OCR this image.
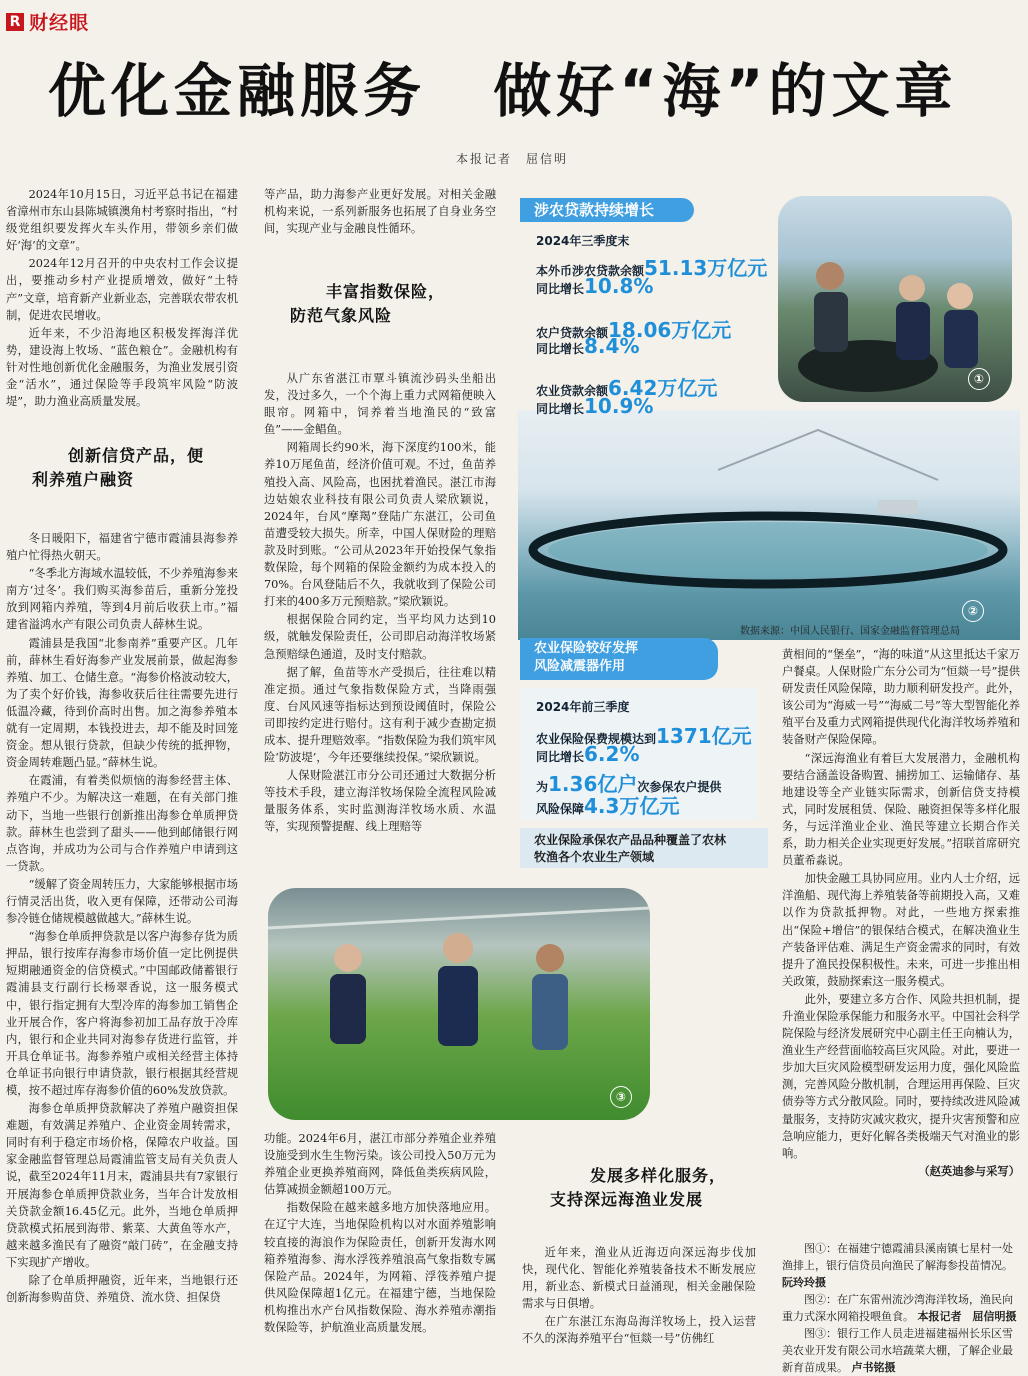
R 财经眼
优化金融服务 做好“海”的文章
本报记者　屈信明

2024年10月15日，习近平总书记在福建省漳州市东山县陈城镇澳角村考察时指出，“村级党组织要发挥火车头作用，带领乡亲们做好‘海’的文章”。

2024年12月召开的中央农村工作会议提出，要推动乡村产业提质增效，做好“土特产”文章，培育新产业新业态，完善联农带农机制，促进农民增收。

近年来，不少沿海地区积极发挥海洋优势，建设海上牧场、“蓝色粮仓”。金融机构有针对性地创新优化金融服务，为渔业发展引资金“活水”，通过保险等手段筑牢风险“防波堤”，助力渔业高质量发展。

创新信贷产品，便
利养殖户融资

冬日暖阳下，福建省宁德市霞浦县海参养殖户忙得热火朝天。

“冬季北方海域水温较低，不少养殖海参来南方‘过冬’。我们购买海参苗后，重新分笼投放到网箱内养殖，等到4月前后收获上市。”福建省溢鸿水产有限公司负责人薛林生说。

霞浦县是我国“北参南养”重要产区。几年前，薛林生看好海参产业发展前景，做起海参养殖、加工、仓储生意。“海参价格波动较大，为了卖个好价钱，海参收获后往往需要先进行低温冷藏，待到价高时出售。加之海参养殖本就有一定周期，本钱投进去，却不能及时回笼资金。想从银行贷款，但缺少传统的抵押物，资金周转难题凸显。”薛林生说。

在霞浦，有着类似烦恼的海参经营主体、养殖户不少。为解决这一难题，在有关部门推动下，当地一些银行创新推出海参仓单质押贷款。薛林生也尝到了甜头——他到邮储银行网点咨询，并成功为公司与合作养殖户申请到这一贷款。

“缓解了资金周转压力，大家能够根据市场行情灵活出货，收入更有保障，还带动公司海参冷链仓储规模越做越大。”薛林生说。

“海参仓单质押贷款是以客户海参存货为质押品，银行按库存海参市场价值一定比例提供短期融通资金的信贷模式。”中国邮政储蓄银行霞浦县支行副行长杨翠香说，这一服务模式中，银行指定拥有大型冷库的海参加工销售企业开展合作，客户将海参初加工品存放于冷库内，银行和企业共同对海参存货进行监管，并开具仓单证书。海参养殖户或相关经营主体持仓单证书向银行申请贷款，银行根据其经营规模，按不超过库存海参价值的60%发放贷款。

海参仓单质押贷款解决了养殖户融资担保难题，有效满足养殖户、企业资金周转需求，同时有利于稳定市场价格，保障农户收益。国家金融监督管理总局霞浦监管支局有关负责人说，截至2024年11月末，霞浦县共有7家银行开展海参仓单质押贷款业务，当年合计发放相关贷款金额16.45亿元。此外，当地仓单质押贷款模式拓展到海带、紫菜、大黄鱼等水产，越来越多渔民有了融资“敲门砖”，在金融支持下实现扩产增收。

除了仓单质押融资，近年来，当地银行还创新海参购苗贷、养殖贷、流水贷、担保贷

等产品，助力海参产业更好发展。对相关金融机构来说，一系列新服务也拓展了自身业务空间，实现产业与金融良性循环。

丰富指数保险，
防范气象风险

从广东省湛江市覃斗镇流沙码头坐船出发，没过多久，一个个海上重力式网箱便映入眼帘。网箱中，饲养着当地渔民的“致富鱼”——金鲳鱼。

网箱周长约90米，海下深度约100米，能养10万尾鱼苗，经济价值可观。不过，鱼苗养殖投入高、风险高，也困扰着渔民。湛江市海边姑娘农业科技有限公司负责人梁欣颖说，2024年，台风“摩羯”登陆广东湛江，公司鱼苗遭受较大损失。所幸，中国人保财险的理赔款及时到账。“公司从2023年开始投保气象指数保险，每个网箱的保险金额约为成本投入的70%。台风登陆后不久，我就收到了保险公司打来的400多万元预赔款。”梁欣颖说。

根据保险合同约定，当平均风力达到10级，就触发保险责任，公司即启动海洋牧场紧急预赔绿色通道，及时支付赔款。

据了解，鱼苗等水产受损后，往往难以精准定损。通过气象指数保险方式，当降雨强度、台风风速等指标达到预设阈值时，保险公司即按约定进行赔付。这有利于减少查勘定损成本、提升理赔效率。“指数保险为我们筑牢风险‘防波堤’，今年还要继续投保。”梁欣颖说。

人保财险湛江市分公司还通过大数据分析等技术手段，建立海洋牧场保险全流程风险减量服务体系，实时监测海洋牧场水质、水温等，实现预警提醒、线上理赔等

功能。2024年6月，湛江市部分养殖企业养殖设施受到水生生物污染。该公司投入50万元为养殖企业更换养殖商网，降低鱼类疾病风险，估算减损金额超100万元。

指数保险在越来越多地方加快落地应用。在辽宁大连，当地保险机构以对水面养殖影响较直接的海浪作为保险责任，创新开发海水网箱养殖海参、海水浮筏养殖浪高气象指数专属保险产品。2024年，为网箱、浮筏养殖户提供风险保障超1亿元。在福建宁德，当地保险机构推出水产台风指数保险、海水养殖赤潮指数保险等，护航渔业高质量发展。

发展多样化服务，
支持深远海渔业发展

近年来，渔业从近海迈向深远海步伐加快，现代化、智能化养殖装备技术不断发展应用，新业态、新模式日益涌现，相关金融保险需求与日俱增。

在广东湛江东海岛海洋牧场上，投入运营不久的深海养殖平台“恒燚一号”仿佛红

黄相间的“堡垒”，“海的味道”从这里抵达千家万户餐桌。人保财险广东分公司为“恒燚一号”提供研发责任风险保障，助力顺利研发投产。此外，该公司为“海威一号”“海威二号”等大型智能化养殖平台及重力式网箱提供现代化海洋牧场养殖和装备财产保险保障。

“深远海渔业有着巨大发展潜力，金融机构要结合涵盖设备购置、捕捞加工、运输储存、基地建设等全产业链实际需求，创新信贷支持模式，同时发展租赁、保险、融资担保等多样化服务，与远洋渔业企业、渔民等建立长期合作关系，助力相关企业实现更好发展。”招联首席研究员董希淼说。

加快金融工具协同应用。业内人士介绍，远洋渔船、现代海上养殖装备等前期投入高，又难以作为贷款抵押物。对此，一些地方探索推出“保险+增信”的银保结合模式，在解决渔业生产装备评估难、满足生产资金需求的同时，有效提升了渔民投保积极性。未来，可进一步推出相关政策，鼓励探索这一服务模式。

此外，要建立多方合作、风险共担机制，提升渔业保险承保能力和服务水平。中国社会科学院保险与经济发展研究中心副主任王向楠认为，渔业生产经营面临较高巨灾风险。对此，要进一步加大巨灾风险模型研发运用力度，强化风险监测，完善风险分散机制，合理运用再保险、巨灾债券等方式分散风险。同时，要持续改进风险减量服务，支持防灾减灾救灾，提升灾害预警和应急响应能力，更好化解各类极端天气对渔业的影响。

（赵英迪参与采写）

图①：在福建宁德霞浦县溪南镇七星村一处渔排上，银行信贷员向渔民了解海参投苗情况。 阮玲玲摄

图②：在广东雷州流沙湾海洋牧场，渔民向重力式深水网箱投喂鱼食。 本报记者　屈信明摄

图③：银行工作人员走进福建福州长乐区雪美农业开发有限公司水培蔬菜大棚，了解企业最新育苗成果。 卢书铭摄

②
①
涉农贷款持续增长
2024年三季度末
本外币涉农贷款余额51.13万亿元
同比增长10.8%
农户贷款余额18.06万亿元
同比增长8.4%
农业贷款余额6.42万亿元
同比增长10.9%
数据来源：中国人民银行、国家金融监督管理总局
农业保险较好发挥
风险减震器作用
2024年前三季度
农业保险保费规模达到1371亿元
同比增长6.2%
为1.36亿户次参保农户提供
风险保障4.3万亿元
农业保险承保农产品品种覆盖了农林
牧渔各个农业生产领域
③
